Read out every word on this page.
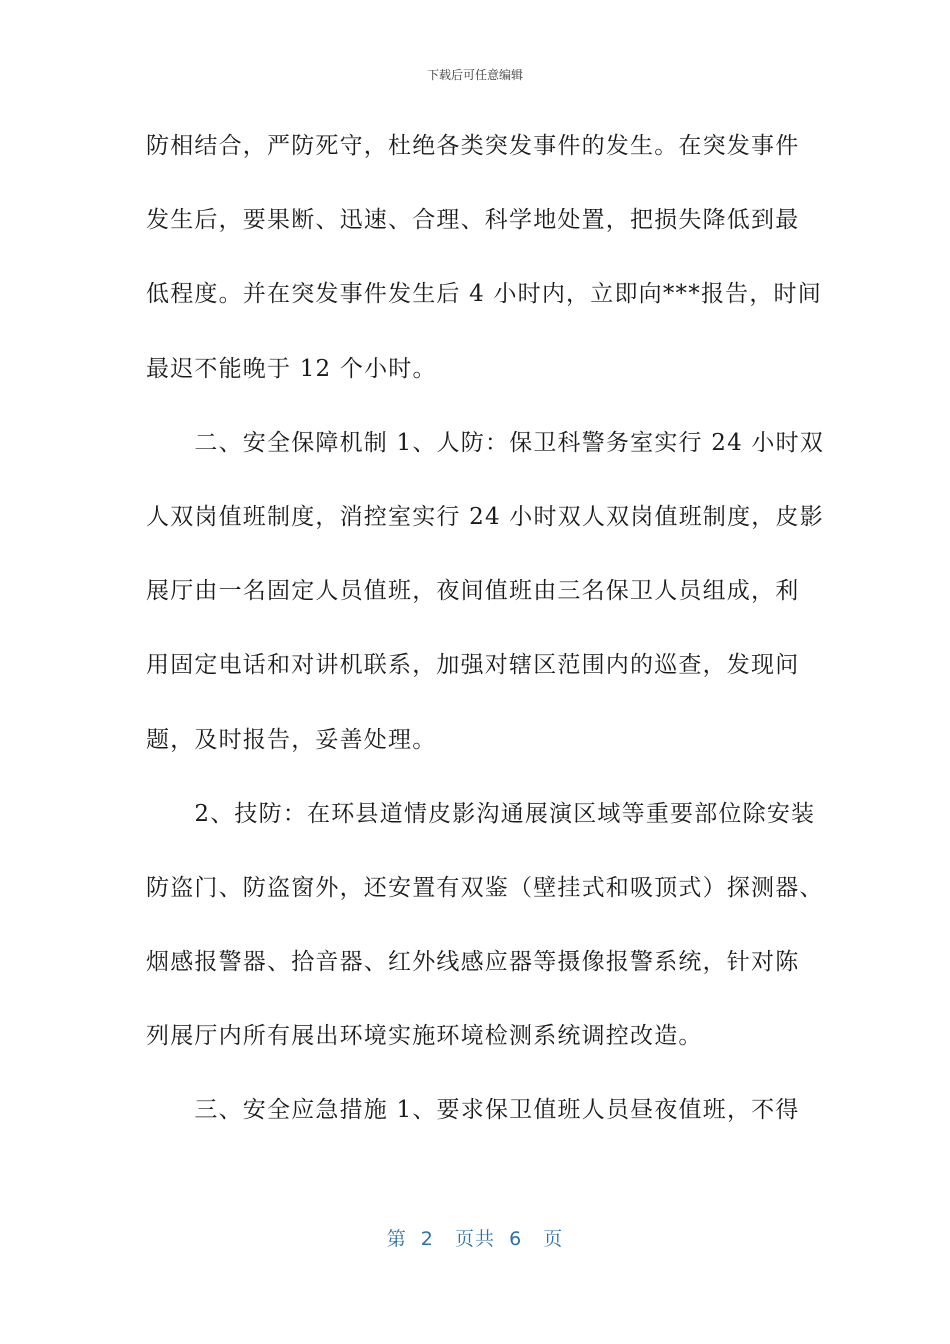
下载后可任意编辑
防相结合，严防死守，杜绝各类突发事件的发生。在突发事件
发生后，要果断、迅速、合理、科学地处置，把损失降低到最
低程度。并在突发事件发生后 4 小时内，立即向***报告，时间
最迟不能晚于 12 个小时。
　　二、安全保障机制 1、人防：保卫科警务室实行 24 小时双
人双岗值班制度，消控室实行 24 小时双人双岗值班制度，皮影
展厅由一名固定人员值班，夜间值班由三名保卫人员组成，利
用固定电话和对讲机联系，加强对辖区范围内的巡查，发现问
题，及时报告，妥善处理。
　　2、技防：在环县道情皮影沟通展演区域等重要部位除安装
防盗门、防盗窗外，还安置有双鉴（壁挂式和吸顶式）探测器、
烟感报警器、拾音器、红外线感应器等摄像报警系统，针对陈
列展厅内所有展出环境实施环境检测系统调控改造。
　　三、安全应急措施 1、要求保卫值班人员昼夜值班，不得
第  2   页共  6   页
